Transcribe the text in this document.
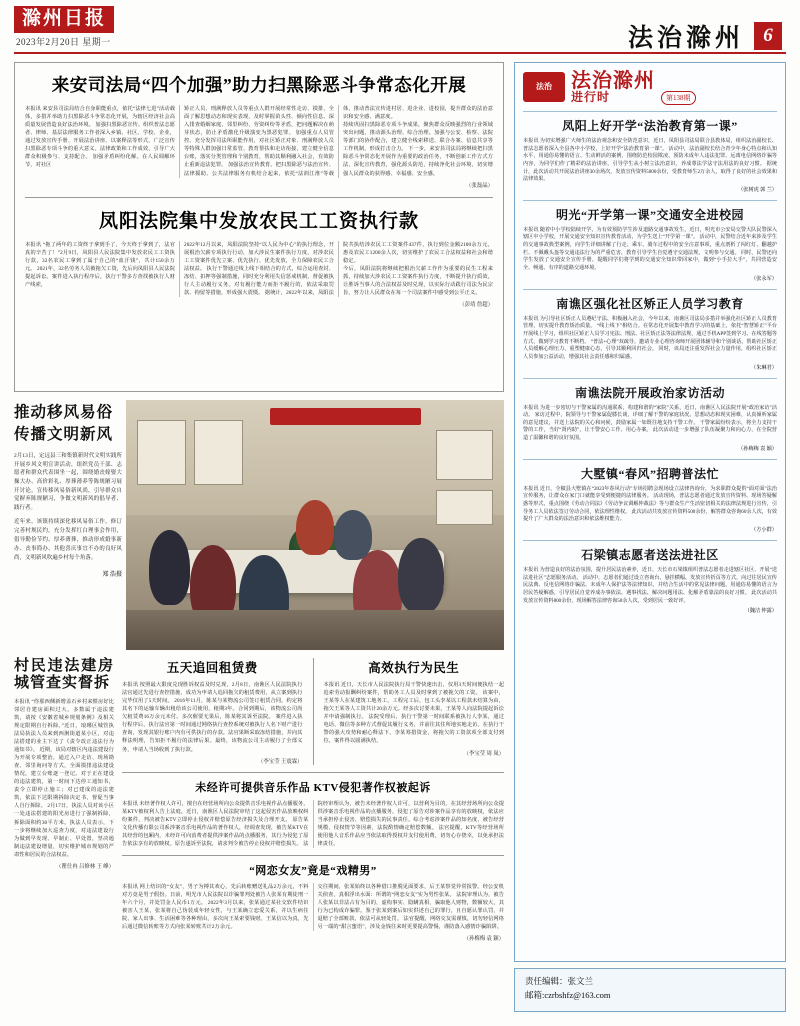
滁州日报
2023年2月20日 星期一	法治滁州	6
来安司法局“四个加强”助力扫黑除恶斗争常态化开展
本报讯 来安县司法局结合自身职能重点，依托“法律七进”活动载体，多措并举助力扫黑除恶斗争常态化开展，为辖区经济社会高质量发展营造良好法治环境。 加强扫黑除恶宣传。组织普法志愿者、律师、基层法律服务工作者深入乡镇、社区、学校、企业，通过发放宣传手册、开展法治讲座、以案释法等形式，广泛宣传扫黑除恶专项斗争的重大意义、法律政策和工作成效，引导广大群众积极参与、支持配合。 加强矛盾纠纷化解。在人民调解环节，对社区
矫正人员、刑满释放人员等重点人群开展经常性走访、摸排，全面了解思想动态和现实表现，及时掌握苗头性、倾向性信息。深入排查婚姻家庭、邻里纠纷、劳资纠纷等矛盾，把问题解决在萌芽状态，防止矛盾激化升级演变为黑恶犯罪。 加强重点人员管控。充分发挥司法所职能作用，对社区矫正对象、刑满释放人员等特殊人群加强日常监管、教育帮扶和走访衔接，建立健全信息台账，落实分类管理和个别教育，帮助其顺利融入社会，有效防止重新违法犯罪。 加强法治宣传教育。把扫黑除恶与法治宣传、法律援助、公共法律服务有机结合起来，依托“法润江淮”等载体，推动普法宣传进村居、进企业、进校园，提升群众的法治意识和安全感、满意度。
持续巩固扫黑除恶专项斗争成果，聚焦群众反映强烈的行业领域突出问题，推动源头治理、综合治理。加强与公安、检察、法院等部门的协作配合，建立健全线索移送、联合办案、信息共享等工作机制，形成打击合力。 下一步，来安县司法局将继续把扫黑除恶斗争常态化开展作为重要的政治任务，不断创新工作方式方法，深化宣传教育，强化源头防范，持续净化社会环境，切实增强人民群众的获得感、幸福感、安全感。
（张磊晶）
凤阳法院集中发放农民工工资执行款
本报讯 “拖了两年的工资终于拿到手了，今天终于拿到了，法官真的辛苦了！”2月9日，凤阳县人民法院集中发放农民工工资执行款，32名农民工拿到了属于自己的“血汗钱”，共计150余万元。 2021年，32名劳务人员被拖欠工资，先后向凤阳县人民法院提起诉讼。案件进入执行程序后，执行干警多方查找被执行人财产线索，
2022年12月以来，凤阳法院坚持“以人民为中心”的执行理念，开展根治欠薪专项执行行动，加大涉民生案件执行力度，对涉农民工工资案件优先立案、优先执行、优先发放，全力保障农民工合法权益。 执行干警通过线上线下相结合的方式，综合运用查封、冻结、扣押等强制措施，同时充分利用失信惩戒机制，督促被执行人主动履行义务。对有履行能力而拒不履行的，依法采取罚款、拘留等措施，形成强大震慑。 据统计，2022年以来，凤阳法院共执结涉农民工工资案件437件，执行到位金额2100余万元，惠及农民工1200余人次，切实维护了农民工合法权益和社会和谐稳定。
今后，凤阳法院将继续把根治欠薪工作作为重要的民生工程来抓，持续加大涉农民工工资案件执行力度，不断提升执行质效，让胜诉当事人的合法权益及时兑现，以实际行动践行司法为民宗旨，努力让人民群众在每一个司法案件中感受到公平正义。
（彭靖 詹超）
推动移风易俗 传播文明新风
2月13日，定远县三和集镇新时代文明实践所开展乡风文明宣讲活动，组织党员干部、志愿者和群众代表围坐一起，围绕婚丧嫁娶大操大办、高价彩礼、厚葬薄养等陈规陋习展开讨论，宣传移风易俗新风尚，引导群众自觉摒弃陈规陋习，争做文明新风的倡导者、践行者。
近年来，该镇持续深化移风易俗工作，修订完善村规民约，充分发挥红白理事会作用，倡导勤俭节约、厚养薄葬，推动形成婚事新办、丧事简办、其他喜庆事宜不办的良好风尚，文明新风吹遍乡村每个角落。
郑 浩摄
村民违法建房 城管查实督拆
本报讯 “你那西侧新增盖石乡村来惯房好比邻居自建房面积过大，多数属于违法建筑，请按《安徽省城乡规划条例》及相关规定限期自行拆除。”近日，琅琊区城管执法局执法人员来到西涧街道某小区，对违法搭建的业主下达了《责令改正违法行为通知书》。 近期，该局对辖区内违法建设行为开展专项整治，通过入户走访、现场勘查、邻里询问等方式，全面摸排违法建设情况，建立台账逐一登记。对于正在建设的违法建筑，第一时间下达停工通知书，责令立即停止施工；对已建成的违法建筑，依法下达限期拆除决定书，督促当事人自行拆除。 2月17日，执法人员对该小区一处违法搭建的阳光房进行了强制拆除，拆除面积约30平方米。执法人员表示，下一步将继续加大巡查力度，对违法建设行为做到早发现、早制止、早处置，坚决遏制违法建设增量，切实维护城市规划的严肃性和居民的合法权益。
（瞿仕冉 吕修林 王 峰）
五天追回租赁费
本报讯 按照最大限度兑现胜诉权益及时兑现，2月8日，南谯区人民法院执行法官通过先进行查控措施，成功为申请人追回拖欠的租赁费用，从立案到执行完毕仅用了5天时间。 2016年11月，陈某与某物流公司签订租赁合同，约定将其名下的运输车辆出租给该公司使用，租期3年。合同到期后，该物流公司尚欠租赁费16万余元未付。多次催要无果后，陈某将其诉至法院。 案件进入执行程序后，执行法官第一时间通过网络执行查控系统对被执行人名下财产进行查询，发现其银行账户内有可供执行的存款。法官果断采取冻结措施，并向其释法明理，告知拒不履行的法律后果。最终，该物流公司主动履行了全部义务，申请人当场收到了执行款。
（李宝莹 王震霖）
高效执行为民生
本报讯 近日，天长市人民法院执行局干警快速出击，仅用3天时间便执结一起追索劳动报酬纠纷案件，帮助务工人员及时拿到了被拖欠的工资。 该案中，王某等人在某建筑工地务工，工程完工后，包工头李某以工程款未结算为由，拖欠王某等人工资共计20余万元。经多次讨要未果，王某等人向法院提起诉讼并申请强制执行。 法院受理后，执行干警第一时间联系被执行人李某，通过电话、微信等多种方式督促其履行义务，并前往其住所地实地走访。在执行干警的强大攻势和耐心释法下，李某筹措资金，将拖欠的工资款项全部支付到位，案件得以圆满执结。
（李宝莹 周 岚）
未经许可提供音乐作品 KTV侵犯著作权被起诉
本报讯 未经著作权人许可，擅自在经营场所向公众提供音乐电视作品点播服务，某KTV被权利人告上法庭。近日，南谯区人民法院审结了这起侵害作品放映权纠纷案件，判决被告KTV立即停止侵权并赔偿原告经济损失及合理开支。 原告某文化传播有限公司系涉案音乐电视作品的著作权人，经调查发现，被告某KTV在其经营的包厢内，未经许可向消费者提供涉案作品的点播服务，其行为侵犯了原告依法享有的放映权。原告遂诉至法院，请求判令被告停止侵权并赔偿损失。 法院经审理认为，被告未经著作权人许可，以营利为目的，在其经营场所向公众提供涉案音乐电视作品的点播服务，侵犯了原告对涉案作品享有的放映权，依法应当承担停止侵害、赔偿损失的民事责任。综合考虑涉案作品的知名度、被告经营规模、侵权情节等因素，法院酌情确定赔偿数额。 法官提醒，KTV等经营场所使用他人音乐作品应当依法取得授权并支付使用费，切勿心存侥幸，以免承担法律责任。
“网恋女友”竟是“戏精男”
本报讯 网上结识的“女友”，男子为搏其欢心，先后转账赠送礼品2万余元，不料对方竟是男子假扮。日前，明光市人民法院以诈骗罪判处被告人张某有期徒刑一年六个月，并处罚金人民币1万元。 2022年3月以来，张某通过某社交软件结识被害人王某，张某将自己伪装成年轻女性，与王某确立恋爱关系，并以生病住院、家人出事、生活困难等各种理由，多次向王某索要钱财。王某信以为真，先后通过微信转账等方式向张某转账共计2万余元。
交往期间，张某始终以各种借口推脱见面要求，后王某察觉异常报警。经公安机关侦查，真相浮出水面：所谓的“网恋女友”实为男性张某。 法院审理认为，被告人张某以非法占有为目的，虚构事实、隐瞒真相，骗取他人财物，数额较大，其行为已构成诈骗罪。鉴于张某到案后如实供述自己的罪行，且自愿认罪认罚，并退赔了全部赃款，依法可从轻处罚。 法官提醒，网络交友需谨慎，切勿轻信网络另一端的“甜言蜜语”，涉及金钱往来时更要提高警惕，谨防落入感情诈骗陷阱。
（孙梅梅 袁 颖）
法治 法治滁州
进行时	第138期
凤阳上好开学“法治教育第一课”
本报讯 为切实增强广大师生的法治观念和安全防范意识，近日，凤阳县司法局联合县教体局，组织法治副校长、普法志愿者深入全县各中小学校，上好开学“法治教育第一课”。 活动中，法治副校长结合青少年身心特点和认知水平，用通俗易懂的语言、生动鲜活的案例，围绕防范校园欺凌、预防未成年人违法犯罪、远离电信网络诈骗等内容，为同学们作了精彩的法治讲座，引导学生从小树立法治意识，养成尊法学法守法用法的良好习惯。 据统计，此次活动共开展法治讲座30余场次，发放宣传资料5000余份，受教育师生2万余人，取得了良好的社会效果和法律效果。
（张树虎 郭 兰）
明光“开学第一课”交通安全进校园
本报讯 随着中小学校陆续开学，为有效预防学生涉及道路交通事故发生，近日，明光市公安局交警大队民警深入辖区中小学校，开展交通安全知识宣传教育活动，为学生送上“开学第一课”。 活动中，民警结合近年来涉及学生的交通事故典型案例，向学生详细讲解了行走、乘车、骑车过程中的安全注意事项，重点剖析了闯红灯、翻越护栏、不佩戴头盔等交通违法行为的严重危害，教育引导学生自觉遵守交通法规，文明参与交通。 同时，民警还向学生发放了交通安全宣传手册，提醒同学们将学到的交通安全知识带回家中，做到“小手拉大手”，共同营造安全、畅通、有序的道路交通环境。
（张永军）
南谯区强化社区矫正人员学习教育
本报讯 为引导社区矫正人员遵纪守法、积极融入社会，今年以来，南谯区司法局多措并举强化社区矫正人员教育管理，切实提升教育矫治质量。 “线上线下”相结合。在常态化开展集中教育学习的基础上，依托“智慧矫正”平台开展线上学习，组织社区矫正人员学习宪法、刑法、社区矫正法等法律法规，通过手机APP签到学习、在线答题等方式，做到学习教育不断档。 “普法+心理”双疏导。邀请专业心理咨询师开展团体辅导和个别谈话，帮助社区矫正人员缓解心理压力、重塑健康心态，引导其顺利回归社会。 同时，该局还注重发挥社会力量作用，组织社区矫正人员参加公益活动，增强其社会责任感和归属感。
（朱琳君）
南谯法院开展政治家访活动
本报讯 为进一步密切与干警家属的沟通联系，构建和谐的“家院”关系，近日，南谯区人民法院开展“政治家访”活动。 家访过程中，院领导与干警家属促膝长谈，详细了解干警的家庭状况、思想动态和现实困难，认真倾听家属的意见建议，并送上法院的关心和问候，鼓励家属一如既往地支持干警工作。 干警家属纷纷表示，将全力支持干警的工作，当好“贤内助”，让干警安心工作、用心办案。 此次活动进一步增强了队伍凝聚力和向心力，在全院营造了温馨和谐的良好氛围。
（孙梅梅 袁 颖）
大墅镇“春风”招聘普法忙
本报讯 近日，全椒县大墅镇在“2023年春风行动”专场招聘会现场设立法律咨询台，为求职群众提供“面对面”法治宣传服务，让群众在家门口就能享受到便捷的法律服务。 活动现场，普法志愿者通过发放宣传资料、现场答疑解惑等形式，重点围绕《劳动合同法》《劳动争议调解仲裁法》等与群众生产生活密切相关的法律法规进行宣传，引导务工人员依法签订劳动合同，依法理性维权。 此次活动共发放宣传资料500余份，解答群众咨询60余人次，有效提升了广大群众的法治意识和依法维权能力。
（方小群）
石梁镇志愿者送法进社区
本报讯 为营造良好的法治氛围，提升居民法治素养，近日，天长市石梁镇组织普法志愿者走进辖区社区，开展“送法进社区”志愿服务活动。 活动中，志愿者们通过设立咨询台、悬挂横幅、发放宣传折页等方式，向过往居民宣传民法典、反电信网络诈骗法、未成年人保护法等法律知识，并结合生活中的常见法律问题，用通俗易懂的语言为居民答疑解惑，引导居民自觉养成办事依法、遇事找法、解决问题用法、化解矛盾靠法的良好习惯。 此次活动共发放宣传资料800余份，现场解答法律咨询50余人次，受到居民一致好评。
（魏洁 仲露）
责任编辑：张文兰
邮箱:czrbshfz@163.com
